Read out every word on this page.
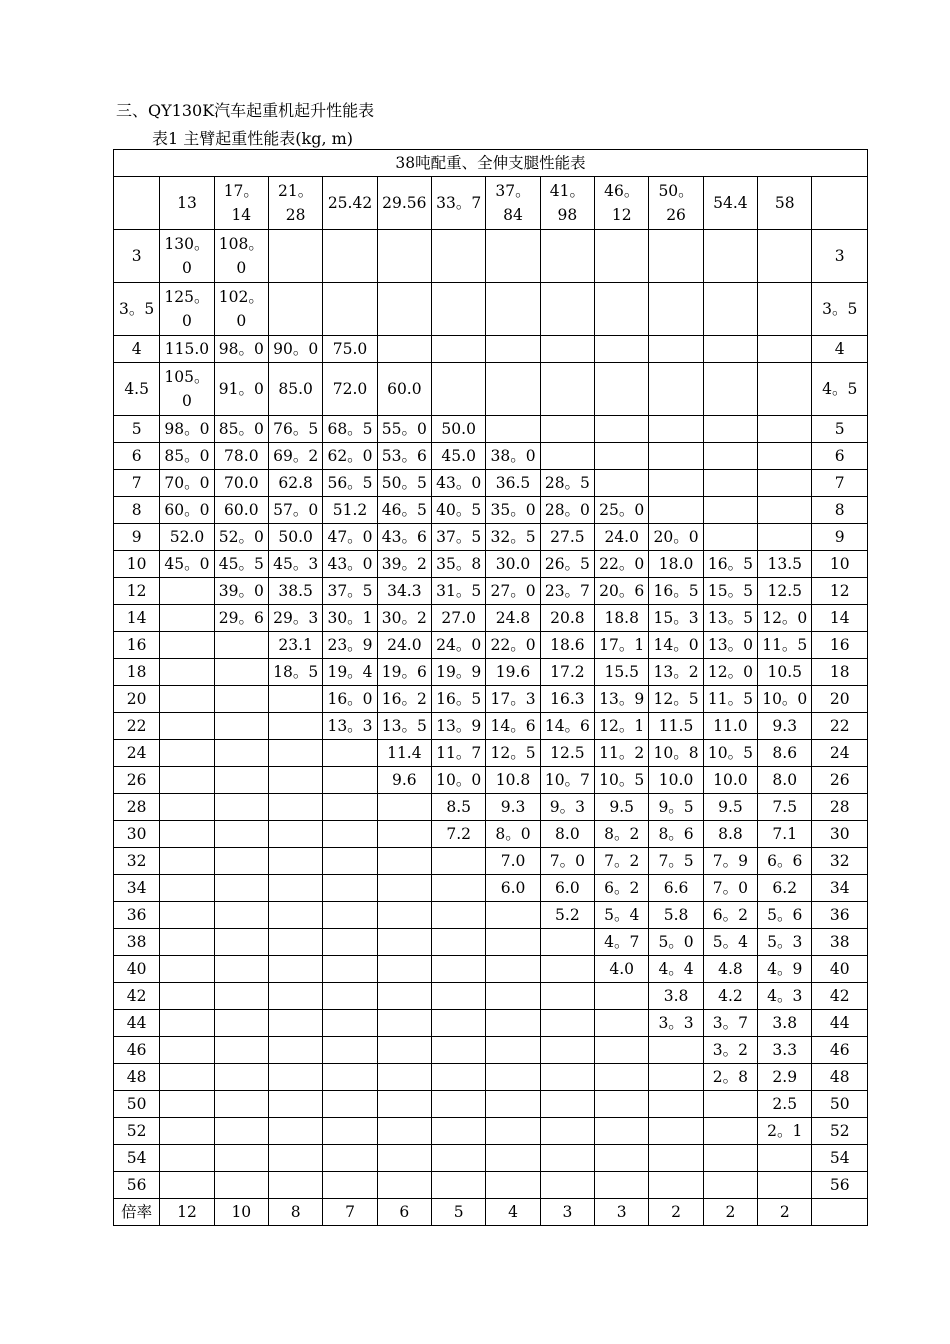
三、QY130K汽车起重机起升性能表
表1 主臂起重性能表(kg, m)
38吨配重、全伸支腿性能表													
	13	17。14	21。28	25.42	29.56	33。7	37。84	41。98	46。12	50。26	54.4	58	
3	130。0	108。0											3
3。5	125。0	102。0											3。5
4	115.0	98。0	90。0	75.0									4
4.5	105。0	91。0	85.0	72.0	60.0								4。5
5	98。0	85。0	76。5	68。5	55。0	50.0							5
6	85。0	78.0	69。2	62。0	53。6	45.0	38。0						6
7	70。0	70.0	62.8	56。5	50。5	43。0	36.5	28。5					7
8	60。0	60.0	57。0	51.2	46。5	40。5	35。0	28。0	25。0				8
9	52.0	52。0	50.0	47。0	43。6	37。5	32。5	27.5	24.0	20。0			9
10	45。0	45。5	45。3	43。0	39。2	35。8	30.0	26。5	22。0	18.0	16。5	13.5	10
12		39。0	38.5	37。5	34.3	31。5	27。0	23。7	20。6	16。5	15。5	12.5	12
14		29。6	29。3	30。1	30。2	27.0	24.8	20.8	18.8	15。3	13。5	12。0	14
16			23.1	23。9	24.0	24。0	22。0	18.6	17。1	14。0	13。0	11。5	16
18			18。5	19。4	19。6	19。9	19.6	17.2	15.5	13。2	12。0	10.5	18
20				16。0	16。2	16。5	17。3	16.3	13。9	12。5	11。5	10。0	20
22				13。3	13。5	13。9	14。6	14。6	12。1	11.5	11.0	9.3	22
24					11.4	11。7	12。5	12.5	11。2	10。8	10。5	8.6	24
26					9.6	10。0	10.8	10。7	10。5	10.0	10.0	8.0	26
28						8.5	9.3	9。3	9.5	9。5	9.5	7.5	28
30						7.2	8。0	8.0	8。2	8。6	8.8	7.1	30
32							7.0	7。0	7。2	7。5	7。9	6。6	32
34							6.0	6.0	6。2	6.6	7。0	6.2	34
36								5.2	5。4	5.8	6。2	5。6	36
38									4。7	5。0	5。4	5。3	38
40									4.0	4。4	4.8	4。9	40
42										3.8	4.2	4。3	42
44										3。3	3。7	3.8	44
46											3。2	3.3	46
48											2。8	2.9	48
50												2.5	50
52												2。1	52
54													54
56													56
倍率	12	10	8	7	6	5	4	3	3	2	2	2	
